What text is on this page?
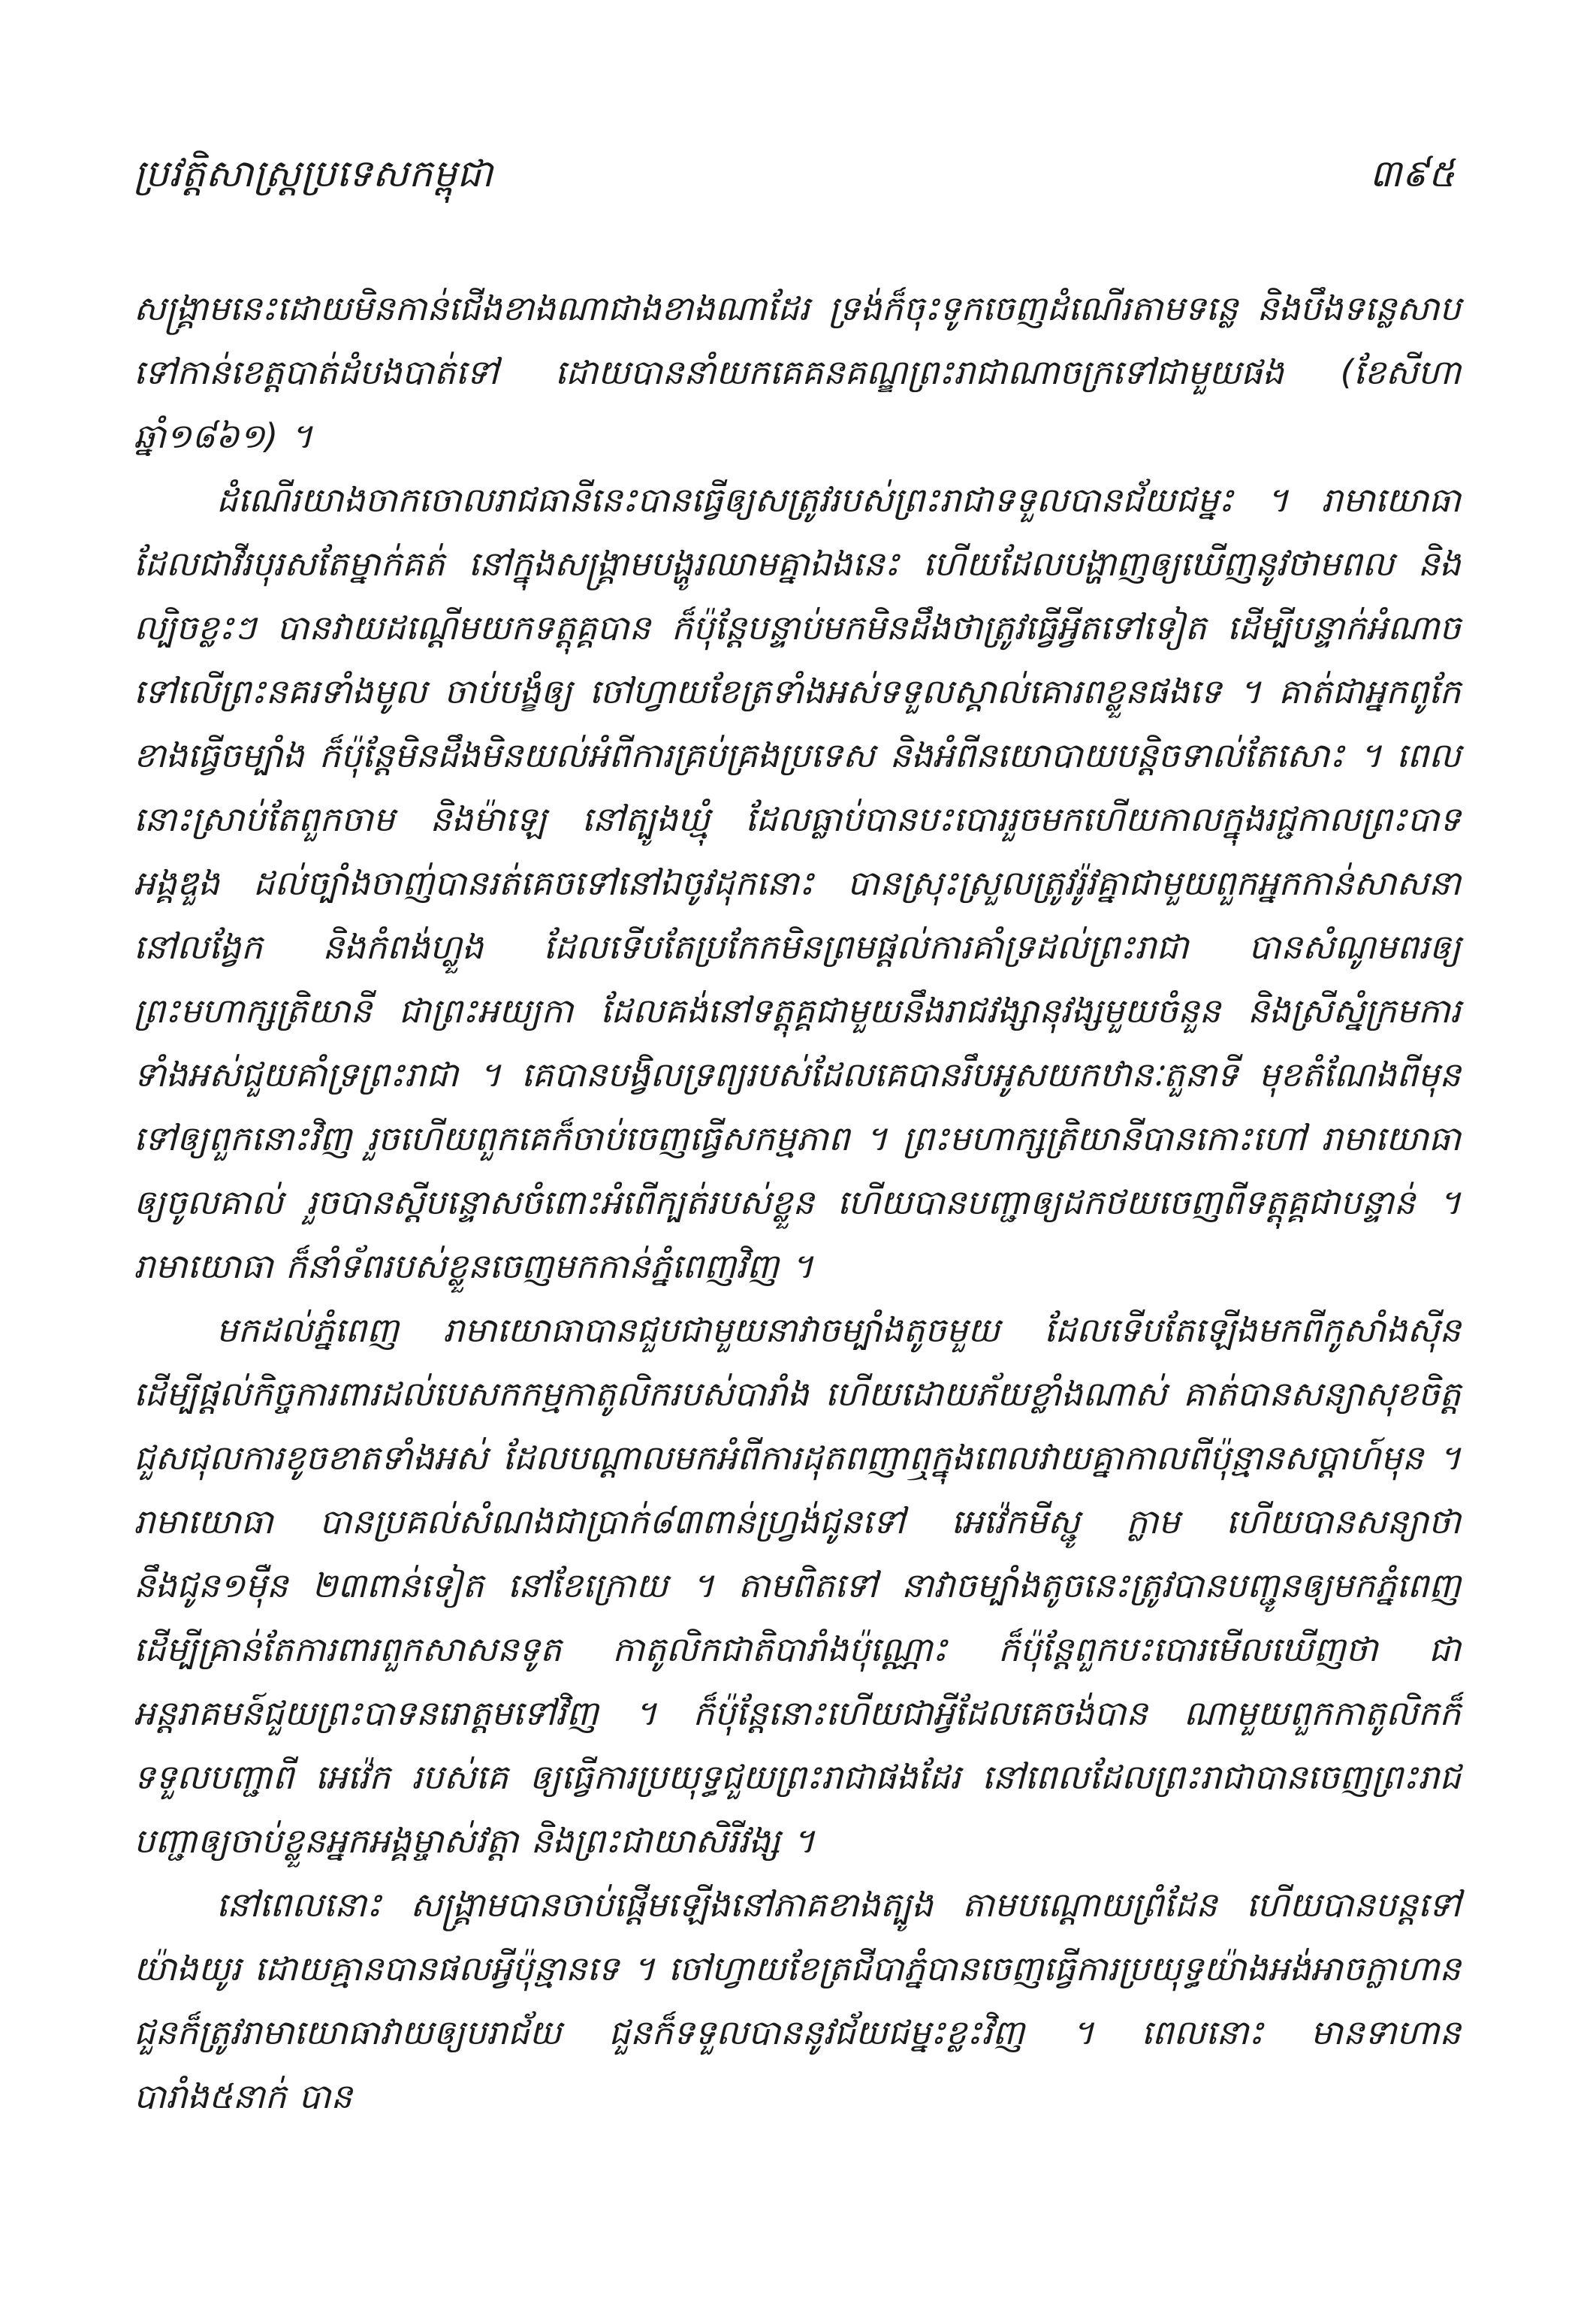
ប្រវត្តិសាស្ត្រប្រទេសកម្ពុជា	៣៩៥

សង្គ្រាមនេះដោយមិនកាន់ជើងខាងណាជាងខាងណាដែរ ទ្រង់ក៏ចុះទូកចេញដំណើរតាមទន្លេ និងបឹងទន្លេសាប ទៅកាន់ខេត្តបាត់ដំបងបាត់ទៅ ដោយបាននាំយកគេគនគណ្ឌព្រះរាជាណាចក្រទៅជាមួយផង (ខែសីហា ឆ្នាំ១៨៦១) ។

ដំណើរយាងចាកចោលរាជធានីនេះបានធ្វើឲ្យសត្រូវរបស់ព្រះរាជាទទួលបានជ័យជម្នះ ។ រាមាយោធា ដែលជាវីរបុរសតែម្នាក់គត់ នៅក្នុងសង្គ្រាមបង្ហូរឈាមគ្នាឯងនេះ ហើយដែលបង្ហាញឲ្យឃើញនូវថាមពល និងល្បិចខ្លះៗ បានវាយដណ្តើមយកទត្តុគ្គបាន ក៏ប៉ុន្តែបន្ទាប់មកមិនដឹងថាត្រូវធ្វើអ្វីតទៅទៀត ដើម្បីបន្ទាក់អំណាចទៅលើព្រះនគរទាំងមូល ចាប់បង្ខំឲ្យ ចៅហ្វាយខែត្រទាំងអស់ទទួលស្គាល់គោរពខ្លួនផងទេ ។ គាត់ជាអ្នកពូកែខាងធ្វើចម្បាំង ក៏ប៉ុន្តែមិនដឹងមិនយល់អំពីការគ្រប់គ្រងប្រទេស និងអំពីនយោបាយបន្តិចទាល់តែសោះ ។ ពេលនោះស្រាប់តែពួកចាម និងម៉ាឡេ នៅត្បូងឃ្មុំ ដែលធ្លាប់បានបះបោររួចមកហើយកាលក្នុងរជ្ជកាលព្រះបាទ អង្គឌួង ដល់ច្បាំងចាញ់បានរត់គេចទៅនៅឯចូវដុកនោះ បានស្រុះស្រួលត្រូវរ៉ូវគ្នាជាមួយពួកអ្នកកាន់សាសនា នៅលង្វែក និងកំពង់ហ្លួង ដែលទើបតែប្រកែកមិនព្រមផ្តល់ការគាំទ្រដល់ព្រះរាជា បានសំណូមពរឲ្យព្រះមហាក្សត្រិយានី ជាព្រះអយ្យកា ដែលគង់នៅទត្តុគ្គជាមួយនឹងរាជវង្សានុវង្សមួយចំនួន និងស្រីស្នំក្រមការទាំងអស់ជួយគាំទ្រព្រះរាជា ។ គេបានបង្វិលទ្រព្យរបស់ដែលគេបានរឹបអូសយកឋានៈតួនាទី មុខតំណែងពីមុនទៅឲ្យពួកនោះវិញ រួចហើយពួកគេក៏ចាប់ចេញធ្វើសកម្មភាព ។ ព្រះមហាក្សត្រិយានីបានកោះហៅ រាមាយោធាឲ្យចូលគាល់ រួចបានស្តីបន្ទោសចំពោះអំពើក្បត់របស់ខ្លួន ហើយបានបញ្ជាឲ្យដកថយចេញពីទត្តុគ្គជាបន្ទាន់ ។ រាមាយោធា ក៏នាំទ័ពរបស់ខ្លួនចេញមកកាន់ភ្នំពេញវិញ ។

មកដល់ភ្នំពេញ រាមាយោធាបានជួបជាមួយនាវាចម្បាំងតូចមួយ ដែលទើបតែឡើងមកពីកូសាំងស៊ីន ដើម្បីផ្តល់កិច្ចការពារដល់បេសកកម្មកាតូលិករបស់បារាំង ហើយដោយភ័យខ្លាំងណាស់ គាត់បានសន្យាសុខចិត្តជួសជុលការខូចខាតទាំងអស់ ដែលបណ្តាលមកអំពីការដុតពញាឮក្នុងពេលវាយគ្នាកាលពីប៉ុន្មានសប្តាហ៍មុន ។ រាមាយោធា បានប្រគល់សំណងជាប្រាក់៨៣ពាន់ហ្វ្រង់ជូនទៅ អេវ៉េកមីស្ជូ ក្លាម ហើយបានសន្យាថានឹងជូន១ម៉ឺន ២៣ពាន់ទៀត នៅខែក្រោយ ។ តាមពិតទៅ នាវាចម្បាំងតូចនេះត្រូវបានបញ្ជូនឲ្យមកភ្នំពេញ ដើម្បីគ្រាន់តែការពារពួកសាសនទូត កាតូលិកជាតិបារាំងប៉ុណ្ណោះ ក៏ប៉ុន្តែពួកបះបោរមើលឃើញថា ជាអន្តរាគមន៍ជួយព្រះបាទនរោត្តមទៅវិញ ។ ក៏ប៉ុន្តែនោះហើយជាអ្វីដែលគេចង់បាន ណាមួយពួកកាតូលិកក៏ទទួលបញ្ជាពី អេវ៉េក របស់គេ ឲ្យធ្វើការប្រយុទ្ធជួយព្រះរាជាផងដែរ នៅពេលដែលព្រះរាជាបានចេញព្រះរាជបញ្ជាឲ្យចាប់ខ្លួនអ្នកអង្គម្ចាស់វត្តា និងព្រះជាយាសិរីវង្ស ។

នៅពេលនោះ សង្គ្រាមបានចាប់ផ្តើមឡើងនៅភាគខាងត្បូង តាមបណ្តោយព្រំដែន ហើយបានបន្តទៅយ៉ាងយូរ ដោយគ្មានបានផលអ្វីប៉ុន្មានទេ ។ ចៅហ្វាយខែត្រជីបាភ្នំបានចេញធ្វើការប្រយុទ្ធយ៉ាងអង់អាចក្លាហាន ជួនក៏ត្រូវរាមាយោធាវាយឲ្យបរាជ័យ ជួនក៏ទទួលបាននូវជ័យជម្នះខ្លះវិញ ។ ពេលនោះ មានទាហានបារាំង៥នាក់ បាន
